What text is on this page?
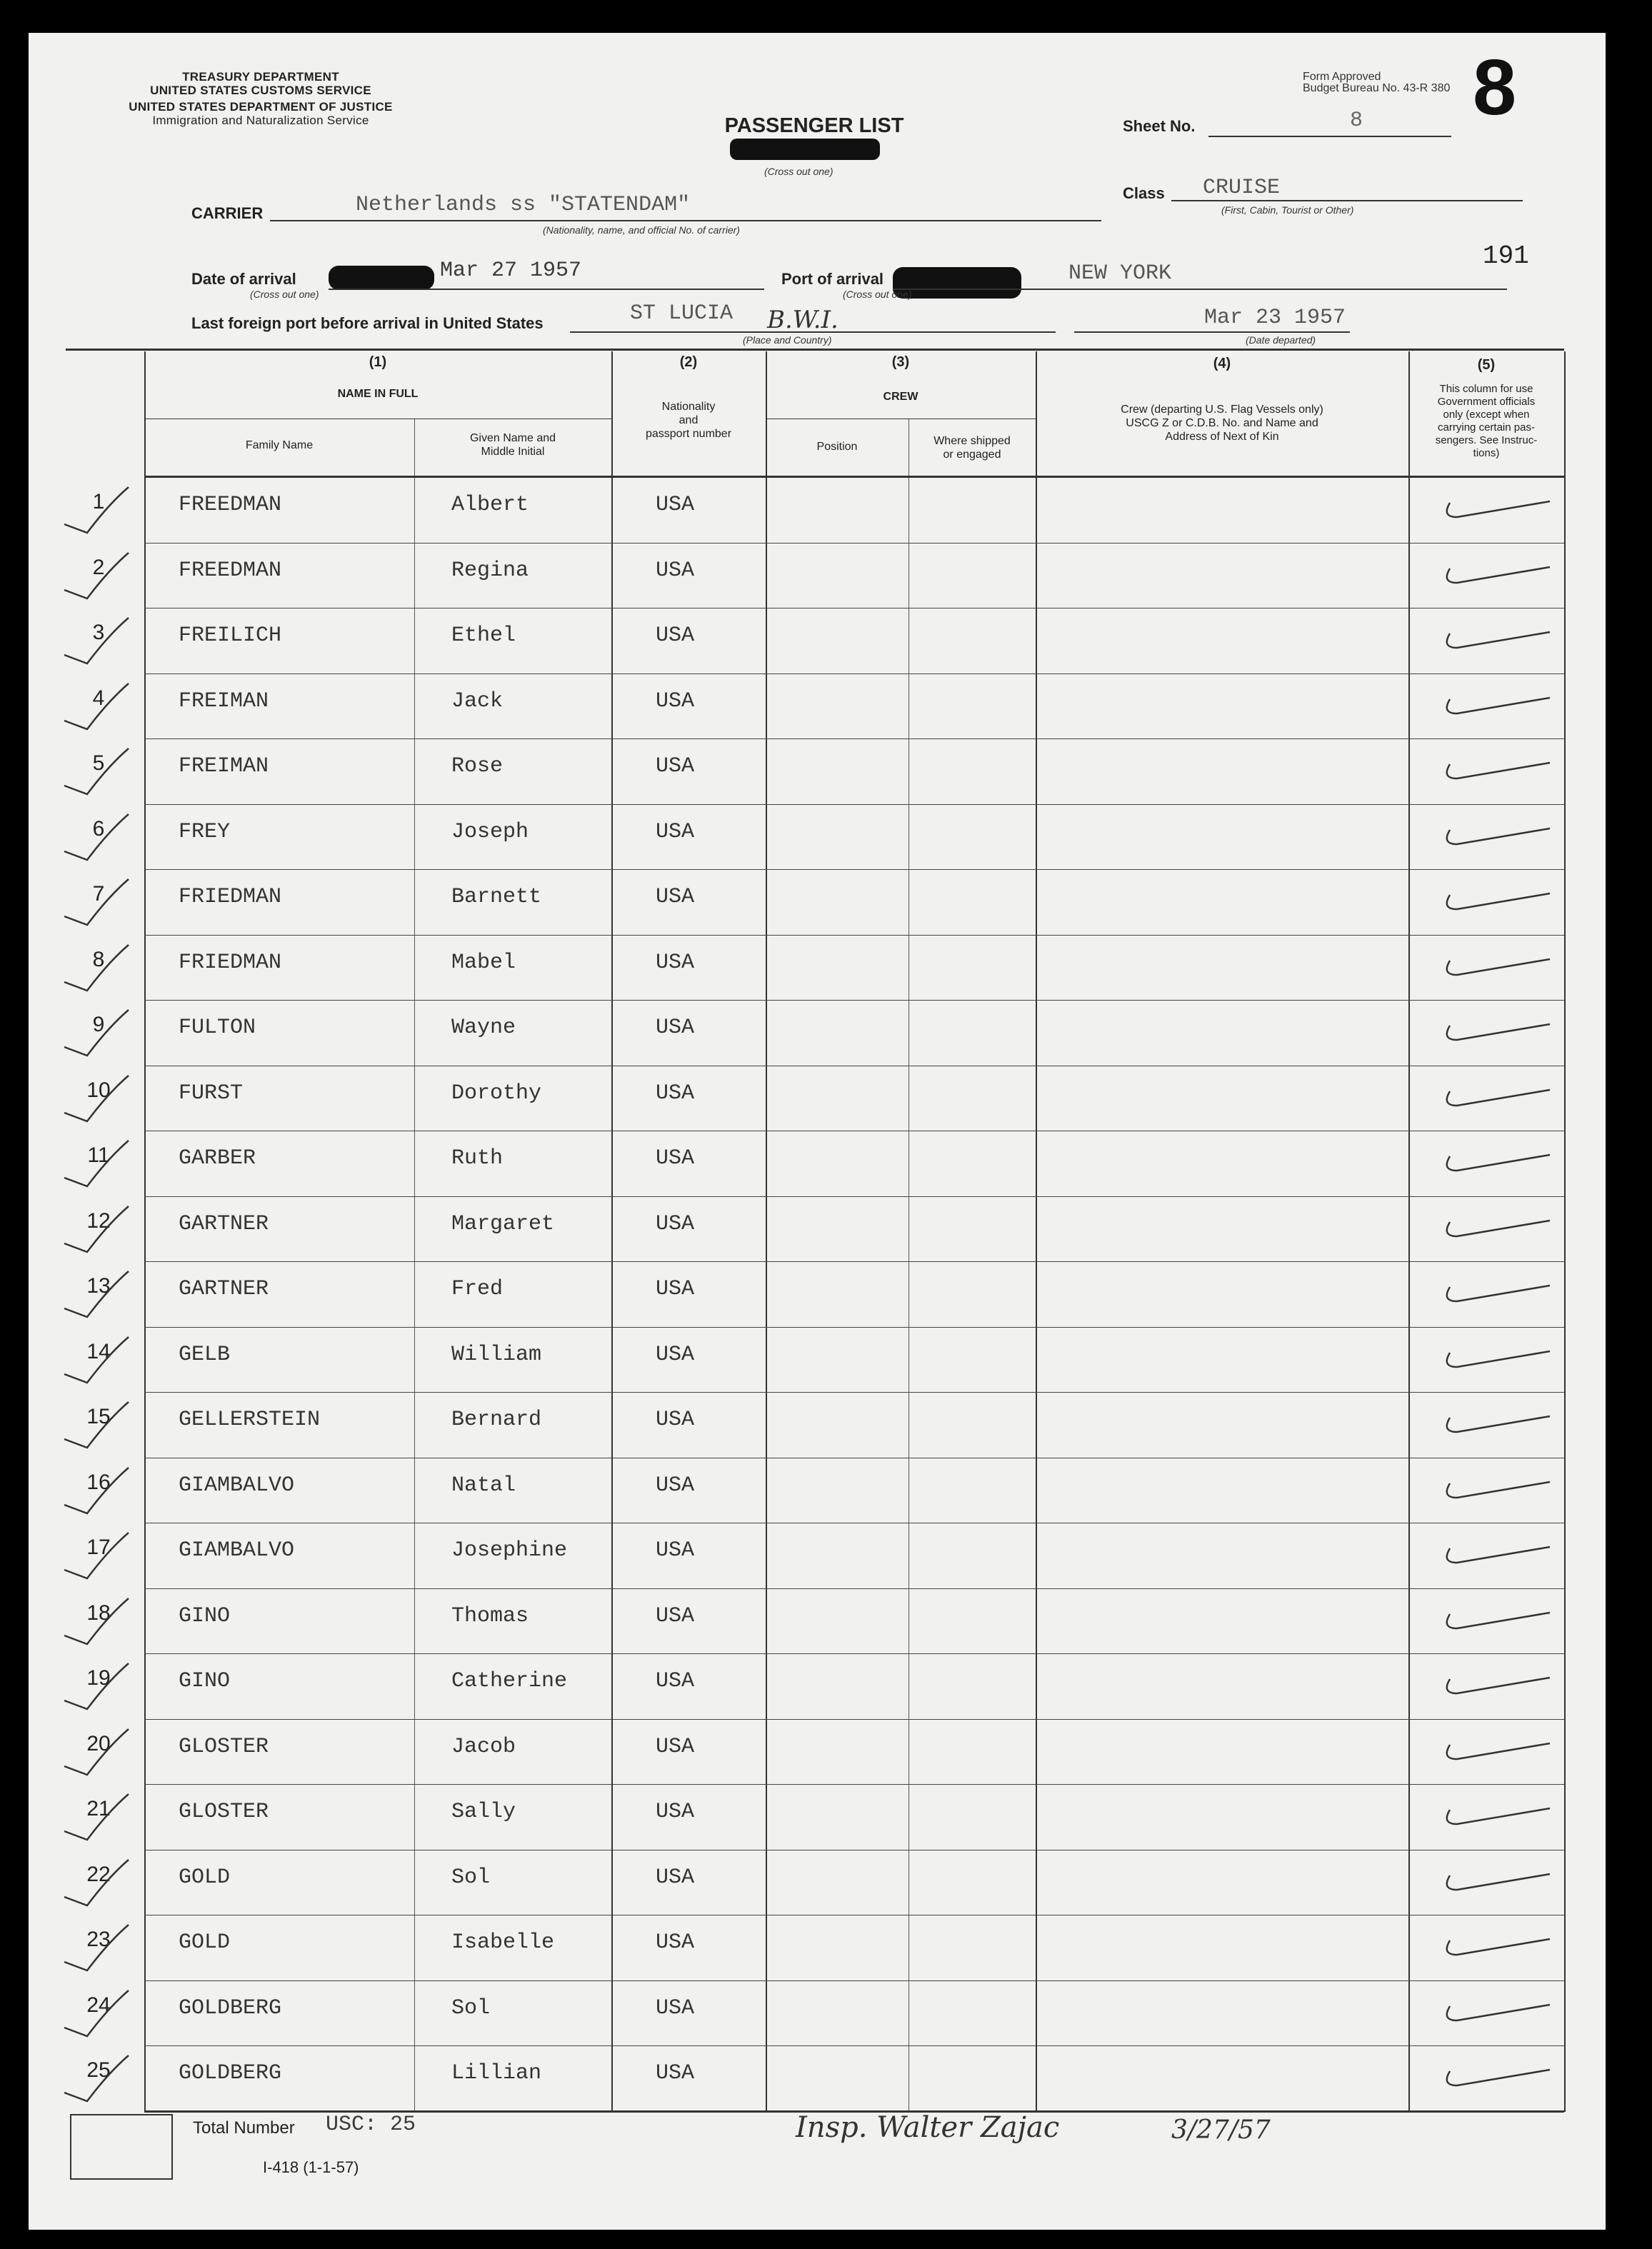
TREASURY DEPARTMENT
UNITED STATES CUSTOMS SERVICE
UNITED STATES DEPARTMENT OF JUSTICE
Immigration and Naturalization Service	PASSENGER LIST
(Cross out one)
Form Approved
Budget Bureau No. 43-R 380 8
Sheet No.	8
CARRIER	Netherlands ss "STATENDAM"
(Nationality, name, and official No. of carrier)
Class CRUISE
(First, Cabin, Tourist or Other)
191
Date of arrival	Mar 27 1957
(Cross out one)
Port of arrival	NEW YORK
(Cross out one)
Last foreign port before arrival in United States	ST LUCIA B.W.I.
(Place and Country)
Mar 23 1957
(Date departed)
(1)
NAME IN FULL
Family Name
Given Name and
Middle Initial
(2)
Nationality
and
passport number
(3)
CREW
Position	Where shipped
or engaged
(4)
Crew (departing U.S. Flag Vessels only)
USCG Z or C.D.B. No. and Name and
Address of Next of Kin
(5)
This column for use
Government officials
only (except when
carrying certain pas-
sengers. See Instruc-
tions)
1	FREEDMAN	Albert	USA
2	FREEDMAN	Regina	USA
3	FREILICH	Ethel	USA
4	FREIMAN	Jack	USA
5	FREIMAN	Rose	USA
6	FREY	Joseph	USA
7	FRIEDMAN	Barnett	USA
8	FRIEDMAN	Mabel	USA
9	FULTON	Wayne	USA
10	FURST	Dorothy	USA
11	GARBER	Ruth	USA
12	GARTNER	Margaret	USA
13	GARTNER	Fred	USA
14	GELB	William	USA
15	GELLERSTEIN	Bernard	USA
16	GIAMBALVO	Natal	USA
17	GIAMBALVO	Josephine	USA
18	GINO	Thomas	USA
19	GINO	Catherine	USA
20	GLOSTER	Jacob	USA
21	GLOSTER	Sally	USA
22	GOLD	Sol	USA
23	GOLD	Isabelle	USA
24	GOLDBERG	Sol	USA
25	GOLDBERG	Lillian	USA
Total Number USC: 25
I-418 (1-1-57)
Insp. Walter Zajac	3/27/57
